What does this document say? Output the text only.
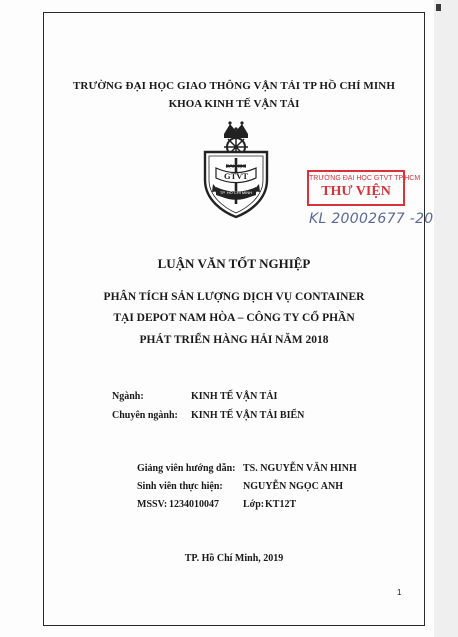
TRƯỜNG ĐẠI HỌC GIAO THÔNG VẬN TẢI TP HỒ CHÍ MINH

KHOA KINH TẾ VẬN TẢI

ĐẠI HỌC
GTVT
TP. HỒ CHÍ MINH
TRƯỜNG ĐẠI HỌC GTVT TP.HCM
THƯ VIỆN
KL 20002677 -20

LUẬN VĂN TỐT NGHIỆP

PHÂN TÍCH SẢN LƯỢNG DỊCH VỤ CONTAINER

TẠI DEPOT NAM HÒA – CÔNG TY CỔ PHẦN

PHÁT TRIỂN HÀNG HẢI NĂM 2018

Ngành:	KINH TẾ VẬN TẢI
Chuyên ngành: KINH TẾ VẬN TẢI BIỂN
Giảng viên hướng dẫn: TS. NGUYỄN VĂN HINH
Sinh viên thực hiện: NGUYỄN NGỌC ANH
MSSV: 1234010047 Lớp: KT12T

TP. Hồ Chí Minh, 2019

1
